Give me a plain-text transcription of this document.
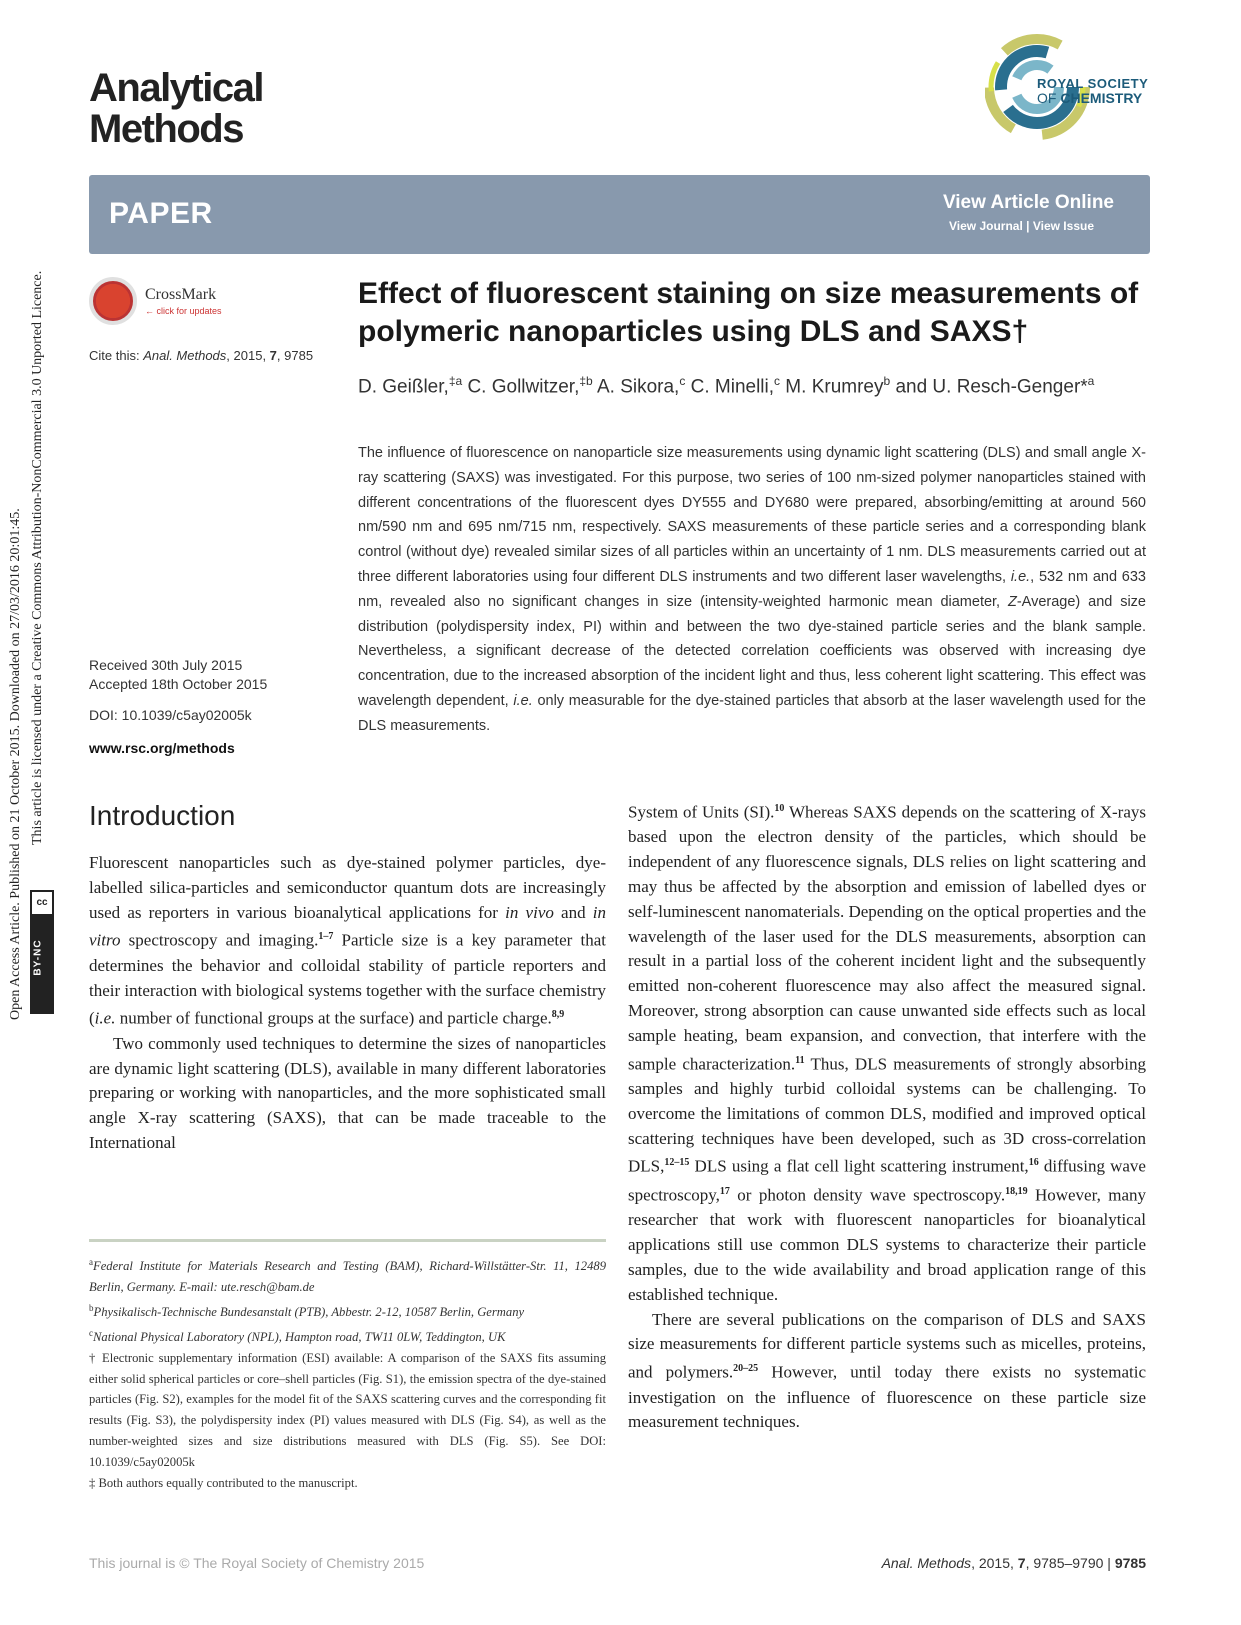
Open Access Article. Published on 21 October 2015. Downloaded on 27/03/2016 20:01:45. This article is licensed under a Creative Commons Attribution-NonCommercial 3.0 Unported Licence.
cc
BY-NC
Analytical
Methods
ROYAL SOCIETY
OF CHEMISTRY
PAPER	View Article Online
View Journal | View Issue
CrossMark
← click for updates
Cite this: Anal. Methods, 2015, 7, 9785
Received 30th July 2015
Accepted 18th October 2015
DOI: 10.1039/c5ay02005k
www.rsc.org/methods
Effect of fluorescent staining on size measurements of polymeric nanoparticles using DLS and SAXS†
D. Geißler,$^{\ddagger a}$ C. Gollwitzer,$^{\ddagger b}$ A. Sikora,$^c$ C. Minelli,$^c$ M. Krumrey$^b$ and U. Resch-Genger*$^a$
The influence of fluorescence on nanoparticle size measurements using dynamic light scattering (DLS) and small angle X-ray scattering (SAXS) was investigated. For this purpose, two series of 100 nm-sized polymer nanoparticles stained with different concentrations of the fluorescent dyes DY555 and DY680 were prepared, absorbing/emitting at around 560 nm/590 nm and 695 nm/715 nm, respectively. SAXS measurements of these particle series and a corresponding blank control (without dye) revealed similar sizes of all particles within an uncertainty of 1 nm. DLS measurements carried out at three different laboratories using four different DLS instruments and two different laser wavelengths, i.e., 532 nm and 633 nm, revealed also no significant changes in size (intensity-weighted harmonic mean diameter, Z-Average) and size distribution (polydispersity index, PI) within and between the two dye-stained particle series and the blank sample. Nevertheless, a significant decrease of the detected correlation coefficients was observed with increasing dye concentration, due to the increased absorption of the incident light and thus, less coherent light scattering. This effect was wavelength dependent, i.e. only measurable for the dye-stained particles that absorb at the laser wavelength used for the DLS measurements.
Introduction

Fluorescent nanoparticles such as dye-stained polymer particles, dye-labelled silica-particles and semiconductor quantum dots are increasingly used as reporters in various bioanalytical applications for in vivo and in vitro spectroscopy and imaging.$^{1-7}$ Particle size is a key parameter that determines the behavior and colloidal stability of particle reporters and their interaction with biological systems together with the surface chemistry (i.e. number of functional groups at the surface) and particle charge.$^{8,9}$

Two commonly used techniques to determine the sizes of nanoparticles are dynamic light scattering (DLS), available in many different laboratories preparing or working with nanoparticles, and the more sophisticated small angle X-ray scattering (SAXS), that can be made traceable to the International

System of Units (SI).$^{10}$ Whereas SAXS depends on the scattering of X-rays based upon the electron density of the particles, which should be independent of any fluorescence signals, DLS relies on light scattering and may thus be affected by the absorption and emission of labelled dyes or self-luminescent nanomaterials. Depending on the optical properties and the wavelength of the laser used for the DLS measurements, absorption can result in a partial loss of the coherent incident light and the subsequently emitted non-coherent fluorescence may also affect the measured signal. Moreover, strong absorption can cause unwanted side effects such as local sample heating, beam expansion, and convection, that interfere with the sample characterization.$^{11}$ Thus, DLS measurements of strongly absorbing samples and highly turbid colloidal systems can be challenging. To overcome the limitations of common DLS, modified and improved optical scattering techniques have been developed, such as 3D cross-correlation DLS,$^{12-15}$ DLS using a flat cell light scattering instrument,$^{16}$ diffusing wave spectroscopy,$^{17}$ or photon density wave spectroscopy.$^{18,19}$ However, many researcher that work with fluorescent nanoparticles for bioanalytical applications still use common DLS systems to characterize their particle samples, due to the wide availability and broad application range of this established technique.

There are several publications on the comparison of DLS and SAXS size measurements for different particle systems such as micelles, proteins, and polymers.$^{20-25}$ However, until today there exists no systematic investigation on the influence of fluorescence on these particle size measurement techniques.

$^a$Federal Institute for Materials Research and Testing (BAM), Richard-Willstätter-Str. 11, 12489 Berlin, Germany. E-mail: ute.resch@bam.de

$^b$Physikalisch-Technische Bundesanstalt (PTB), Abbestr. 2-12, 10587 Berlin, Germany

$^c$National Physical Laboratory (NPL), Hampton road, TW11 0LW, Teddington, UK

† Electronic supplementary information (ESI) available: A comparison of the SAXS fits assuming either solid spherical particles or core–shell particles (Fig. S1), the emission spectra of the dye-stained particles (Fig. S2), examples for the model fit of the SAXS scattering curves and the corresponding fit results (Fig. S3), the polydispersity index (PI) values measured with DLS (Fig. S4), as well as the number-weighted sizes and size distributions measured with DLS (Fig. S5). See DOI: 10.1039/c5ay02005k

‡ Both authors equally contributed to the manuscript.

This journal is © The Royal Society of Chemistry 2015	Anal. Methods, 2015, 7, 9785–9790 | 9785
